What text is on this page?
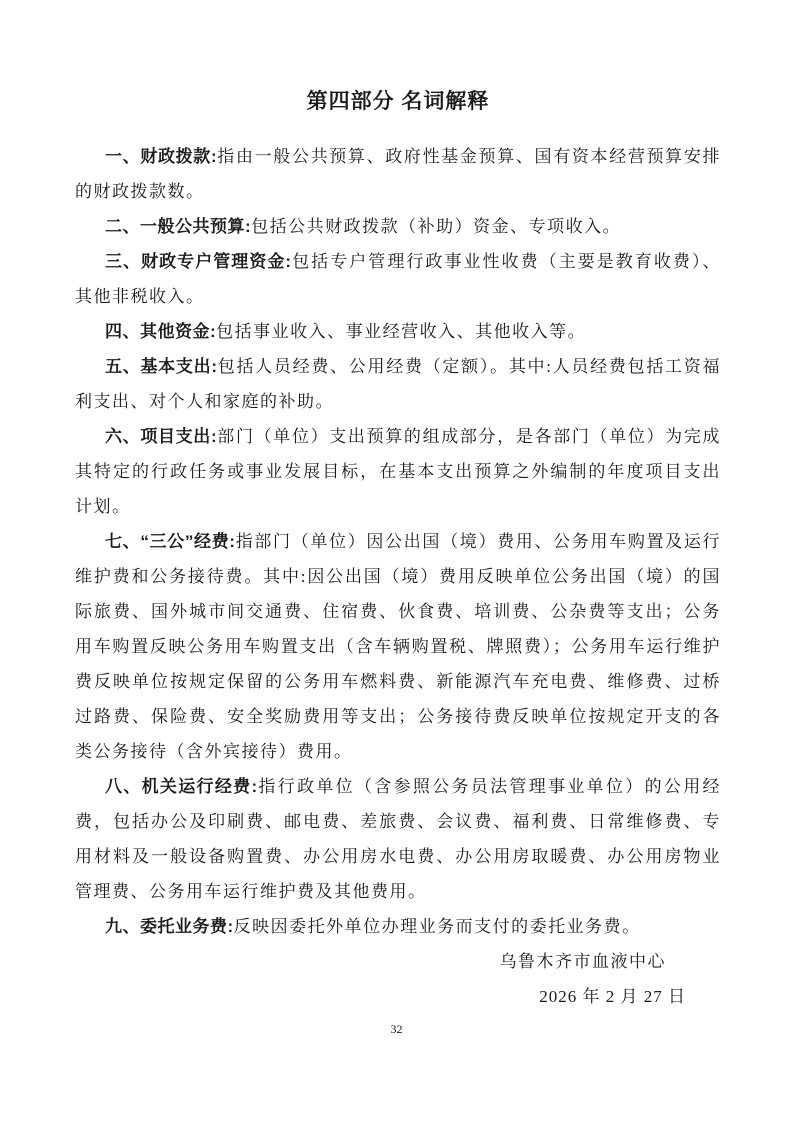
第四部分 名词解释

一、财政拨款:指由一般公共预算、政府性基金预算、国有资本经营预算安排的财政拨款数。

二、一般公共预算:包括公共财政拨款（补助）资金、专项收入。

三、财政专户管理资金:包括专户管理行政事业性收费（主要是教育收费）、其他非税收入。

四、其他资金:包括事业收入、事业经营收入、其他收入等。

五、基本支出:包括人员经费、公用经费（定额）。其中:人员经费包括工资福利支出、对个人和家庭的补助。

六、项目支出:部门（单位）支出预算的组成部分，是各部门（单位）为完成其特定的行政任务或事业发展目标，在基本支出预算之外编制的年度项目支出计划。

七、“三公”经费:指部门（单位）因公出国（境）费用、公务用车购置及运行维护费和公务接待费。其中:因公出国（境）费用反映单位公务出国（境）的国际旅费、国外城市间交通费、住宿费、伙食费、培训费、公杂费等支出；公务用车购置反映公务用车购置支出（含车辆购置税、牌照费）；公务用车运行维护费反映单位按规定保留的公务用车燃料费、新能源汽车充电费、维修费、过桥过路费、保险费、安全奖励费用等支出；公务接待费反映单位按规定开支的各类公务接待（含外宾接待）费用。

八、机关运行经费:指行政单位（含参照公务员法管理事业单位）的公用经费，包括办公及印刷费、邮电费、差旅费、会议费、福利费、日常维修费、专用材料及一般设备购置费、办公用房水电费、办公用房取暖费、办公用房物业管理费、公务用车运行维护费及其他费用。

九、委托业务费:反映因委托外单位办理业务而支付的委托业务费。

乌鲁木齐市血液中心

2026 年 2 月 27 日

32
